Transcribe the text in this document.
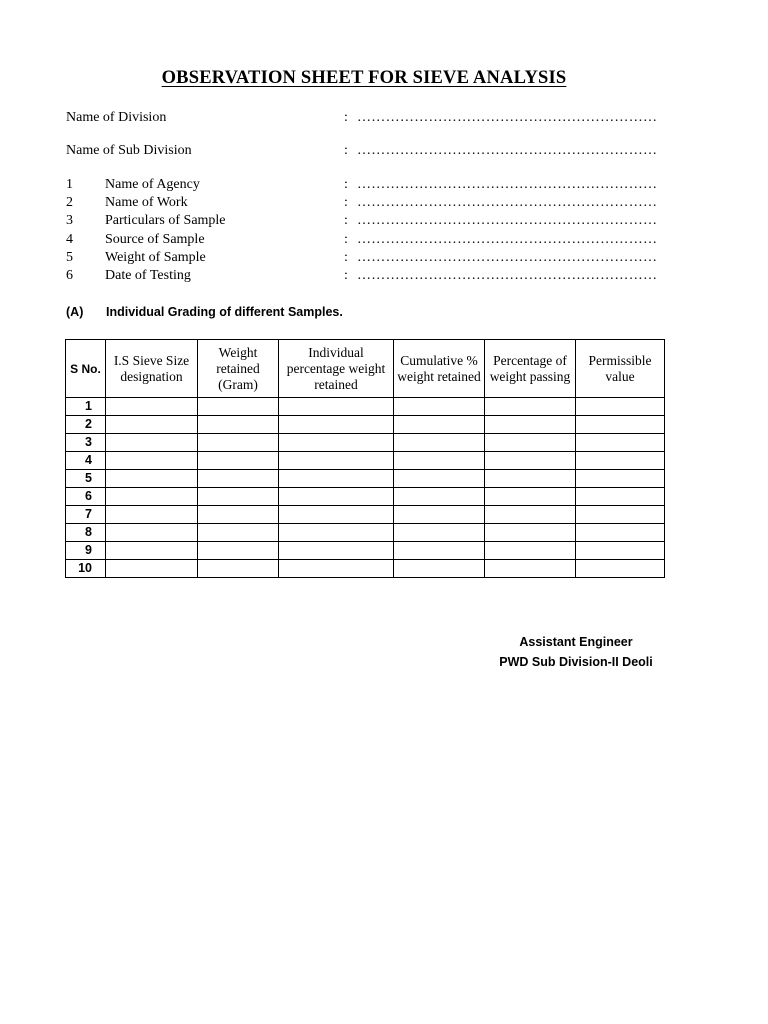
OBSERVATION SHEET FOR SIEVE ANALYSIS
Name of Division	: ………………………………………………………
Name of Sub Division	: ………………………………………………………
1 Name of Agency	: ………………………………………………………
2 Name of Work	: ………………………………………………………
3 Particulars of Sample	: ………………………………………………………
4 Source of Sample	: ………………………………………………………
5 Weight of Sample	: ………………………………………………………
6 Date of Testing	: ………………………………………………………
(A) Individual Grading of different Samples.
S No.	I.S Sieve Size designation	Weight retained (Gram)	Individual percentage weight retained	Cumulative % weight retained	Percentage of weight passing	Permissible value
1						
2						
3						
4						
5						
6						
7						
8						
9						
10						
Assistant Engineer
PWD Sub Division-II Deoli
